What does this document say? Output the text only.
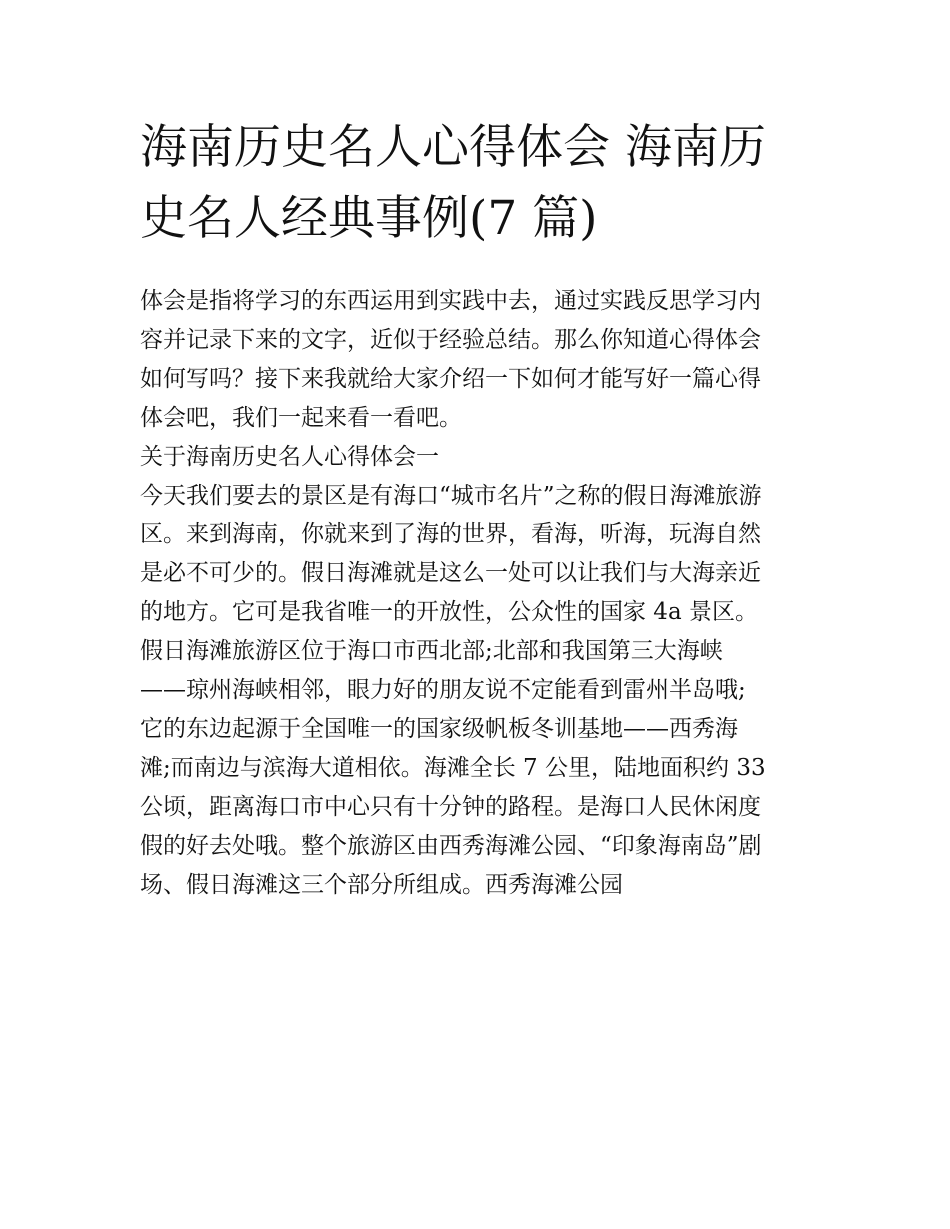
海南历史名人心得体会 海南历
史名人经典事例(7 篇)
体会是指将学习的东西运用到实践中去，通过实践反思学习内
容并记录下来的文字，近似于经验总结。那么你知道心得体会
如何写吗？接下来我就给大家介绍一下如何才能写好一篇心得
体会吧，我们一起来看一看吧。
关于海南历史名人心得体会一
今天我们要去的景区是有海口“城市名片”之称的假日海滩旅游
区。来到海南，你就来到了海的世界，看海，听海，玩海自然
是必不可少的。假日海滩就是这么一处可以让我们与大海亲近
的地方。它可是我省唯一的开放性，公众性的国家 4a 景区。
假日海滩旅游区位于海口市西北部;北部和我国第三大海峡
——琼州海峡相邻，眼力好的朋友说不定能看到雷州半岛哦;
它的东边起源于全国唯一的国家级帆板冬训基地——西秀海
滩;而南边与滨海大道相依。海滩全长 7 公里，陆地面积约 33
公顷，距离海口市中心只有十分钟的路程。是海口人民休闲度
假的好去处哦。整个旅游区由西秀海滩公园、“印象海南岛”剧
场、假日海滩这三个部分所组成。西秀海滩公园
